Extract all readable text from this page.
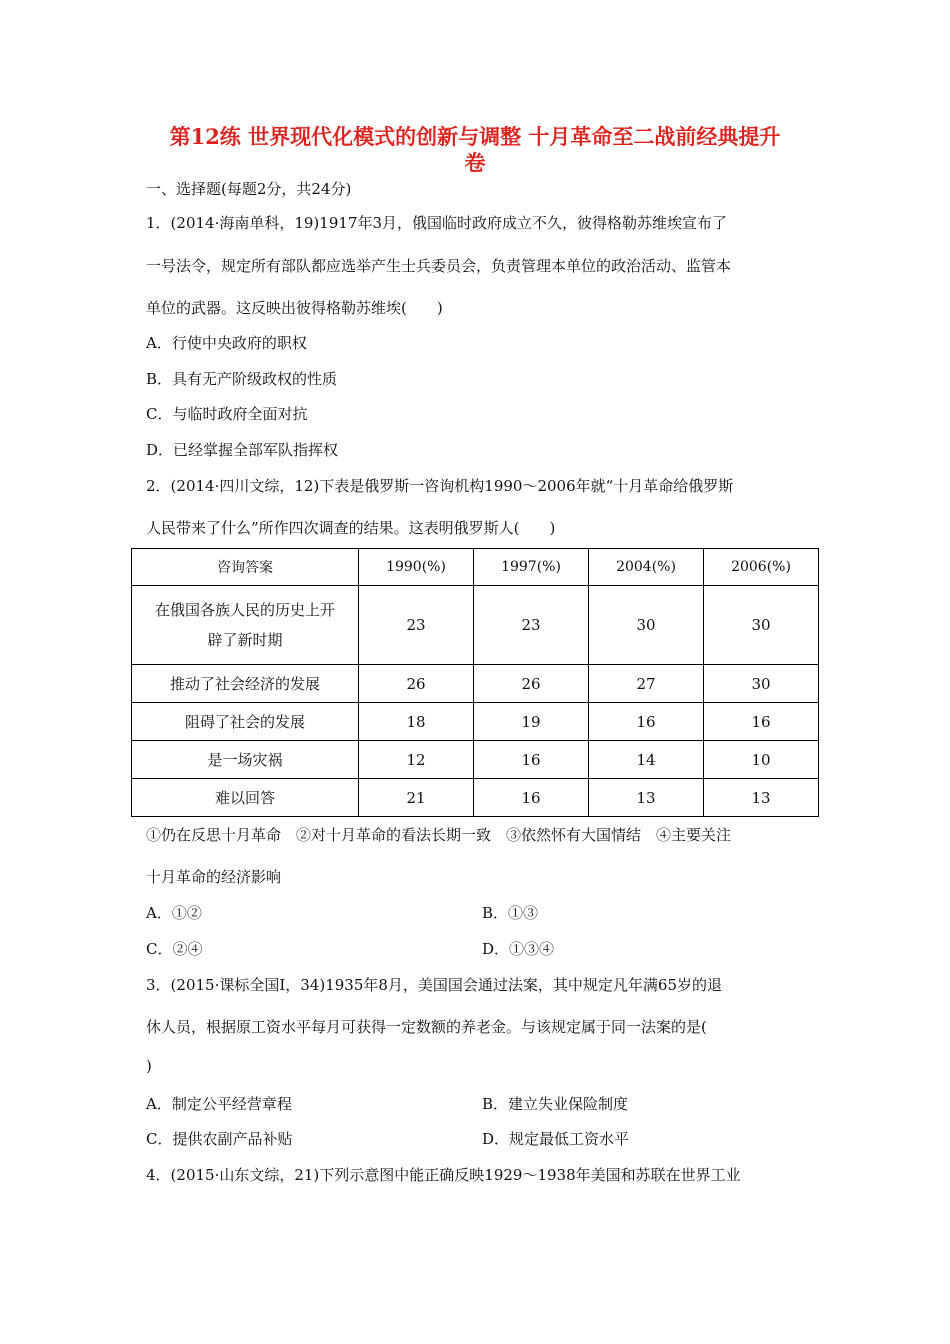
第12练 世界现代化模式的创新与调整 十月革命至二战前经典提升
卷
一、选择题(每题2分，共24分)
1．(2014·海南单科，19)1917年3月，俄国临时政府成立不久，彼得格勒苏维埃宣布了
一号法令，规定所有部队都应选举产生士兵委员会，负责管理本单位的政治活动、监管本
单位的武器。这反映出彼得格勒苏维埃(　　)
A．行使中央政府的职权
B．具有无产阶级政权的性质
C．与临时政府全面对抗
D．已经掌握全部军队指挥权
2．(2014·四川文综，12)下表是俄罗斯一咨询机构1990～2006年就“十月革命给俄罗斯
人民带来了什么”所作四次调查的结果。这表明俄罗斯人(　　)
咨询答案	1990(%)	1997(%)	2004(%)	2006(%)
在俄国各族人民的历史上开
辟了新时期	23	23	30	30
推动了社会经济的发展	26	26	27	30
阻碍了社会的发展	18	19	16	16
是一场灾祸	12	16	14	10
难以回答	21	16	13	13
①仍在反思十月革命　②对十月革命的看法长期一致　③依然怀有大国情结　④主要关注
十月革命的经济影响
A．①②	B．①③
C．②④	D．①③④
3．(2015·课标全国Ⅰ，34)1935年8月，美国国会通过法案，其中规定凡年满65岁的退
休人员，根据原工资水平每月可获得一定数额的养老金。与该规定属于同一法案的是(
)
A．制定公平经营章程	B．建立失业保险制度
C．提供农副产品补贴	D．规定最低工资水平
4．(2015·山东文综，21)下列示意图中能正确反映1929～1938年美国和苏联在世界工业
